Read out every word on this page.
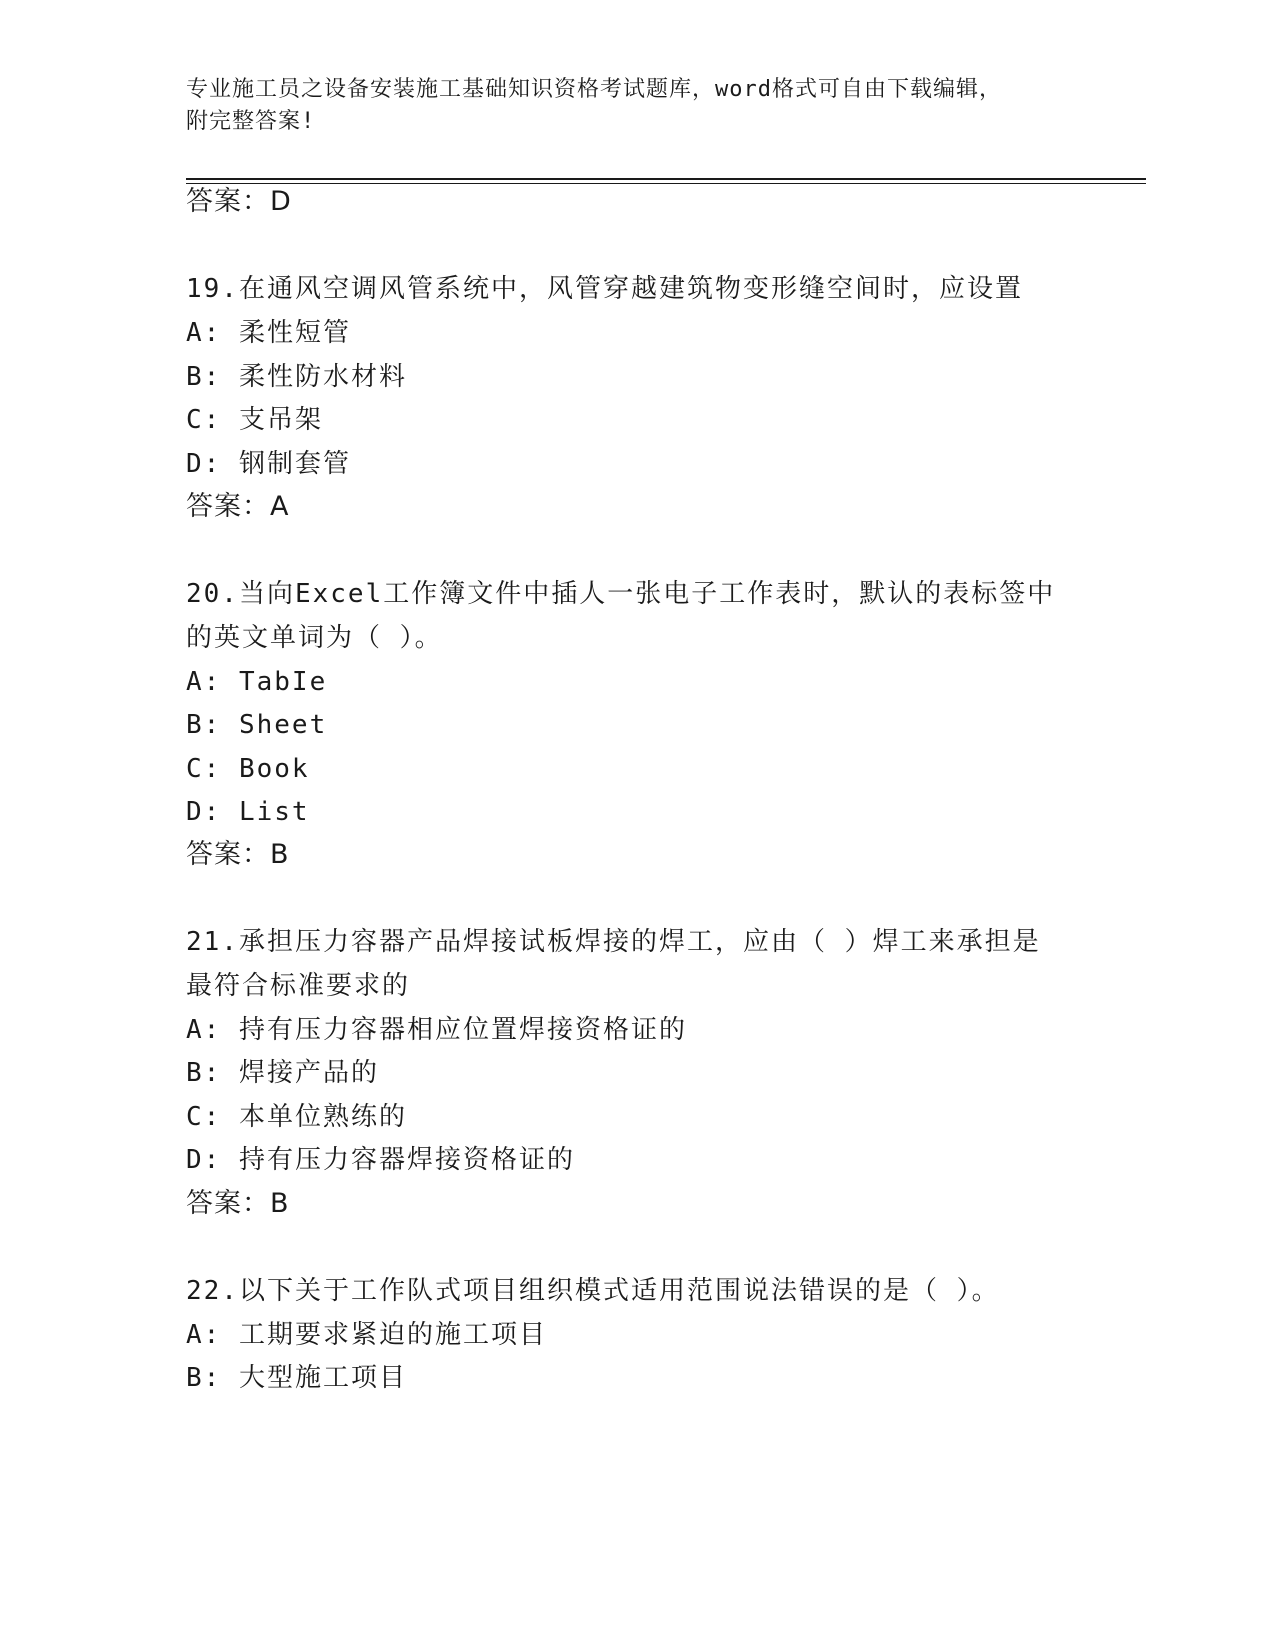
专业施工员之设备安装施工基础知识资格考试题库，word格式可自由下载编辑，
附完整答案!
答案：D
19.在通风空调风管系统中，风管穿越建筑物变形缝空间时，应设置
A: 柔性短管
B: 柔性防水材料
C: 支吊架
D: 钢制套管
答案：A
20.当向Excel工作簿文件中插人一张电子工作表时，默认的表标签中
的英文单词为（ ）。
A: TabIe
B: Sheet
C: Book
D: List
答案：B
21.承担压力容器产品焊接试板焊接的焊工，应由（ ）焊工来承担是
最符合标准要求的
A: 持有压力容器相应位置焊接资格证的
B: 焊接产品的
C: 本单位熟练的
D: 持有压力容器焊接资格证的
答案：B
22.以下关于工作队式项目组织模式适用范围说法错误的是（ ）。
A: 工期要求紧迫的施工项目
B: 大型施工项目
